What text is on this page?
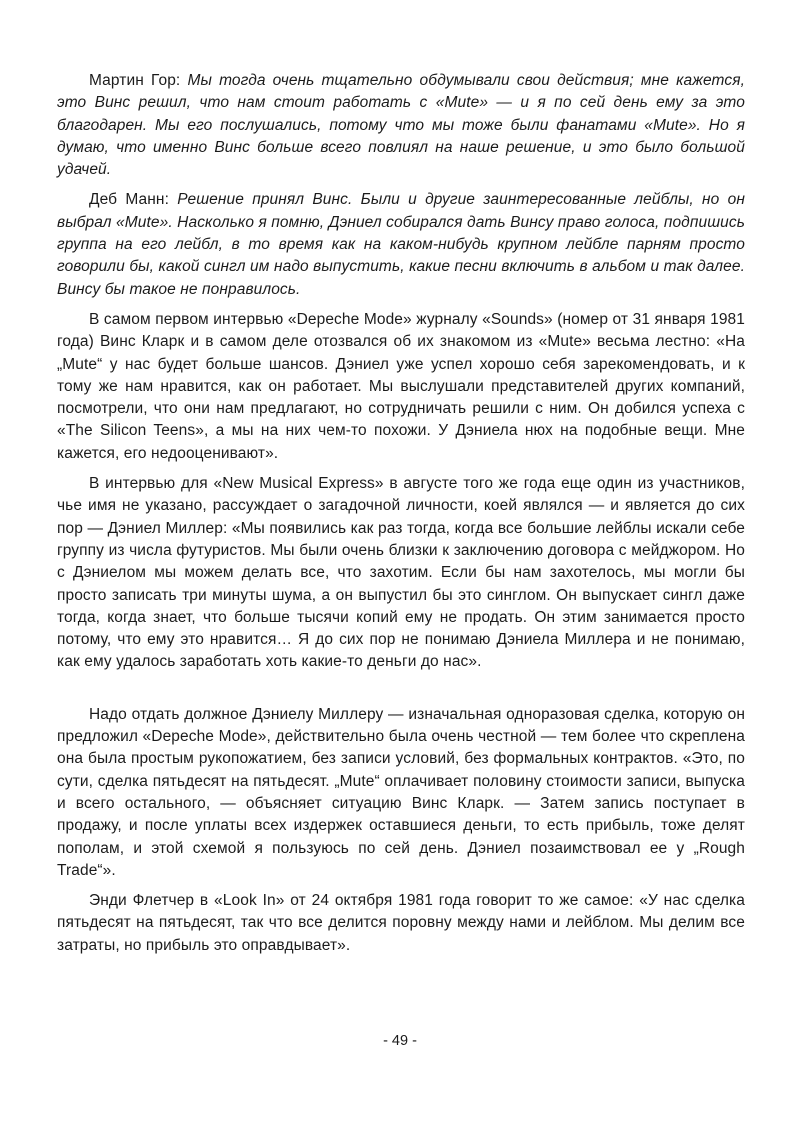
Мартин Гор: Мы тогда очень тщательно обдумывали свои действия; мне кажется, это Винс решил, что нам стоит работать с «Mute» — и я по сей день ему за это благодарен. Мы его послушались, потому что мы тоже были фанатами «Mute». Но я думаю, что именно Винс больше всего повлиял на наше решение, и это было большой удачей.

Деб Манн: Решение принял Винс. Были и другие заинтересованные лейблы, но он выбрал «Mute». Насколько я помню, Дэниел собирался дать Винсу право голоса, подпишись группа на его лейбл, в то время как на каком-нибудь крупном лейбле парням просто говорили бы, какой сингл им надо выпустить, какие песни включить в альбом и так далее. Винсу бы такое не понравилось.

В самом первом интервью «Depeche Mode» журналу «Sounds» (номер от 31 января 1981 года) Винс Кларк и в самом деле отозвался об их знакомом из «Mute» весьма лестно: «На „Mute“ у нас будет больше шансов. Дэниел уже успел хорошо себя зарекомендовать, и к тому же нам нравится, как он работает. Мы выслушали представителей других компаний, посмотрели, что они нам предлагают, но сотрудничать решили с ним. Он добился успеха с «The Silicon Teens», а мы на них чем-то похожи. У Дэниела нюх на подобные вещи. Мне кажется, его недооценивают».

В интервью для «New Musical Express» в августе того же года еще один из участников, чье имя не указано, рассуждает о загадочной личности, коей являлся — и является до сих пор — Дэниел Миллер: «Мы появились как раз тогда, когда все большие лейблы искали себе группу из числа футуристов. Мы были очень близки к заключению договора с мейджором. Но с Дэниелом мы можем делать все, что захотим. Если бы нам захотелось, мы могли бы просто записать три минуты шума, а он выпустил бы это синглом. Он выпускает сингл даже тогда, когда знает, что больше тысячи копий ему не продать. Он этим занимается просто потому, что ему это нравится… Я до сих пор не понимаю Дэниела Миллера и не понимаю, как ему удалось заработать хоть какие-то деньги до нас».

Надо отдать должное Дэниелу Миллеру — изначальная одноразовая сделка, которую он предложил «Depeche Mode», действительно была очень честной — тем более что скреплена она была простым рукопожатием, без записи условий, без формальных контрактов. «Это, по сути, сделка пятьдесят на пятьдесят. „Mute“ оплачивает половину стоимости записи, выпуска и всего остального, — объясняет ситуацию Винс Кларк. — Затем запись поступает в продажу, и после уплаты всех издержек оставшиеся деньги, то есть прибыль, тоже делят пополам, и этой схемой я пользуюсь по сей день. Дэниел позаимствовал ее у „Rough Trade“».

Энди Флетчер в «Look In» от 24 октября 1981 года говорит то же самое: «У нас сделка пятьдесят на пятьдесят, так что все делится поровну между нами и лейблом. Мы делим все затраты, но прибыль это оправдывает».

- 49 -
